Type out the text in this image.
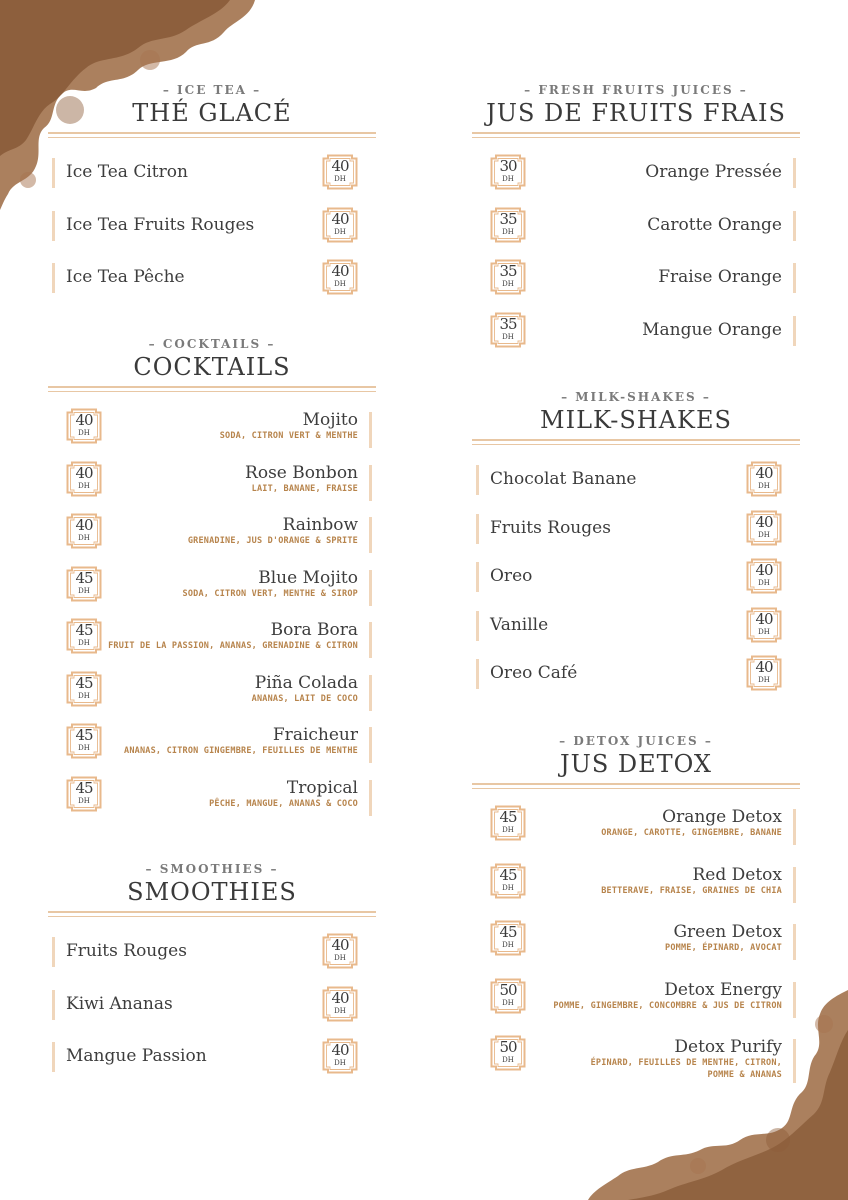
– ICE TEA –
THÉ GLACÉ
Ice Tea Citron	40
DH
Ice Tea Fruits Rouges	40
DH
Ice Tea Pêche	40
DH
– COCKTAILS –
COCKTAILS
Mojito
SODA, CITRON VERT & MENTHE
40
DH
Rose Bonbon
LAIT, BANANE, FRAISE
40
DH
Rainbow
GRENADINE, JUS D'ORANGE & SPRITE
40
DH
Blue Mojito
SODA, CITRON VERT, MENTHE & SIROP
45
DH
Bora Bora
FRUIT DE LA PASSION, ANANAS, GRENADINE & CITRON
45
DH
Piña Colada
ANANAS, LAIT DE COCO
45
DH
Fraicheur
ANANAS, CITRON GINGEMBRE, FEUILLES DE MENTHE
45
DH
Tropical
PÊCHE, MANGUE, ANANAS & COCO
45
DH
– SMOOTHIES –
SMOOTHIES
Fruits Rouges	40
DH
Kiwi Ananas	40
DH
Mangue Passion	40
DH
– FRESH FRUITS JUICES –
JUS DE FRUITS FRAIS
Orange Pressée
30
DH
Carotte Orange
35
DH
Fraise Orange
35
DH
Mangue Orange
35
DH
– MILK-SHAKES –
MILK-SHAKES
Chocolat Banane	40
DH
Fruits Rouges	40
DH
Oreo	40
DH
Vanille	40
DH
Oreo Café	40
DH
– DETOX JUICES –
JUS DETOX
Orange Detox
ORANGE, CAROTTE, GINGEMBRE, BANANE
45
DH
Red Detox
BETTERAVE, FRAISE, GRAINES DE CHIA
45
DH
Green Detox
POMME, ÉPINARD, AVOCAT
45
DH
Detox Energy
POMME, GINGEMBRE, CONCOMBRE & JUS DE CITRON
50
DH
Detox Purify
ÉPINARD, FEUILLES DE MENTHE, CITRON,
POMME & ANANAS
50
DH
